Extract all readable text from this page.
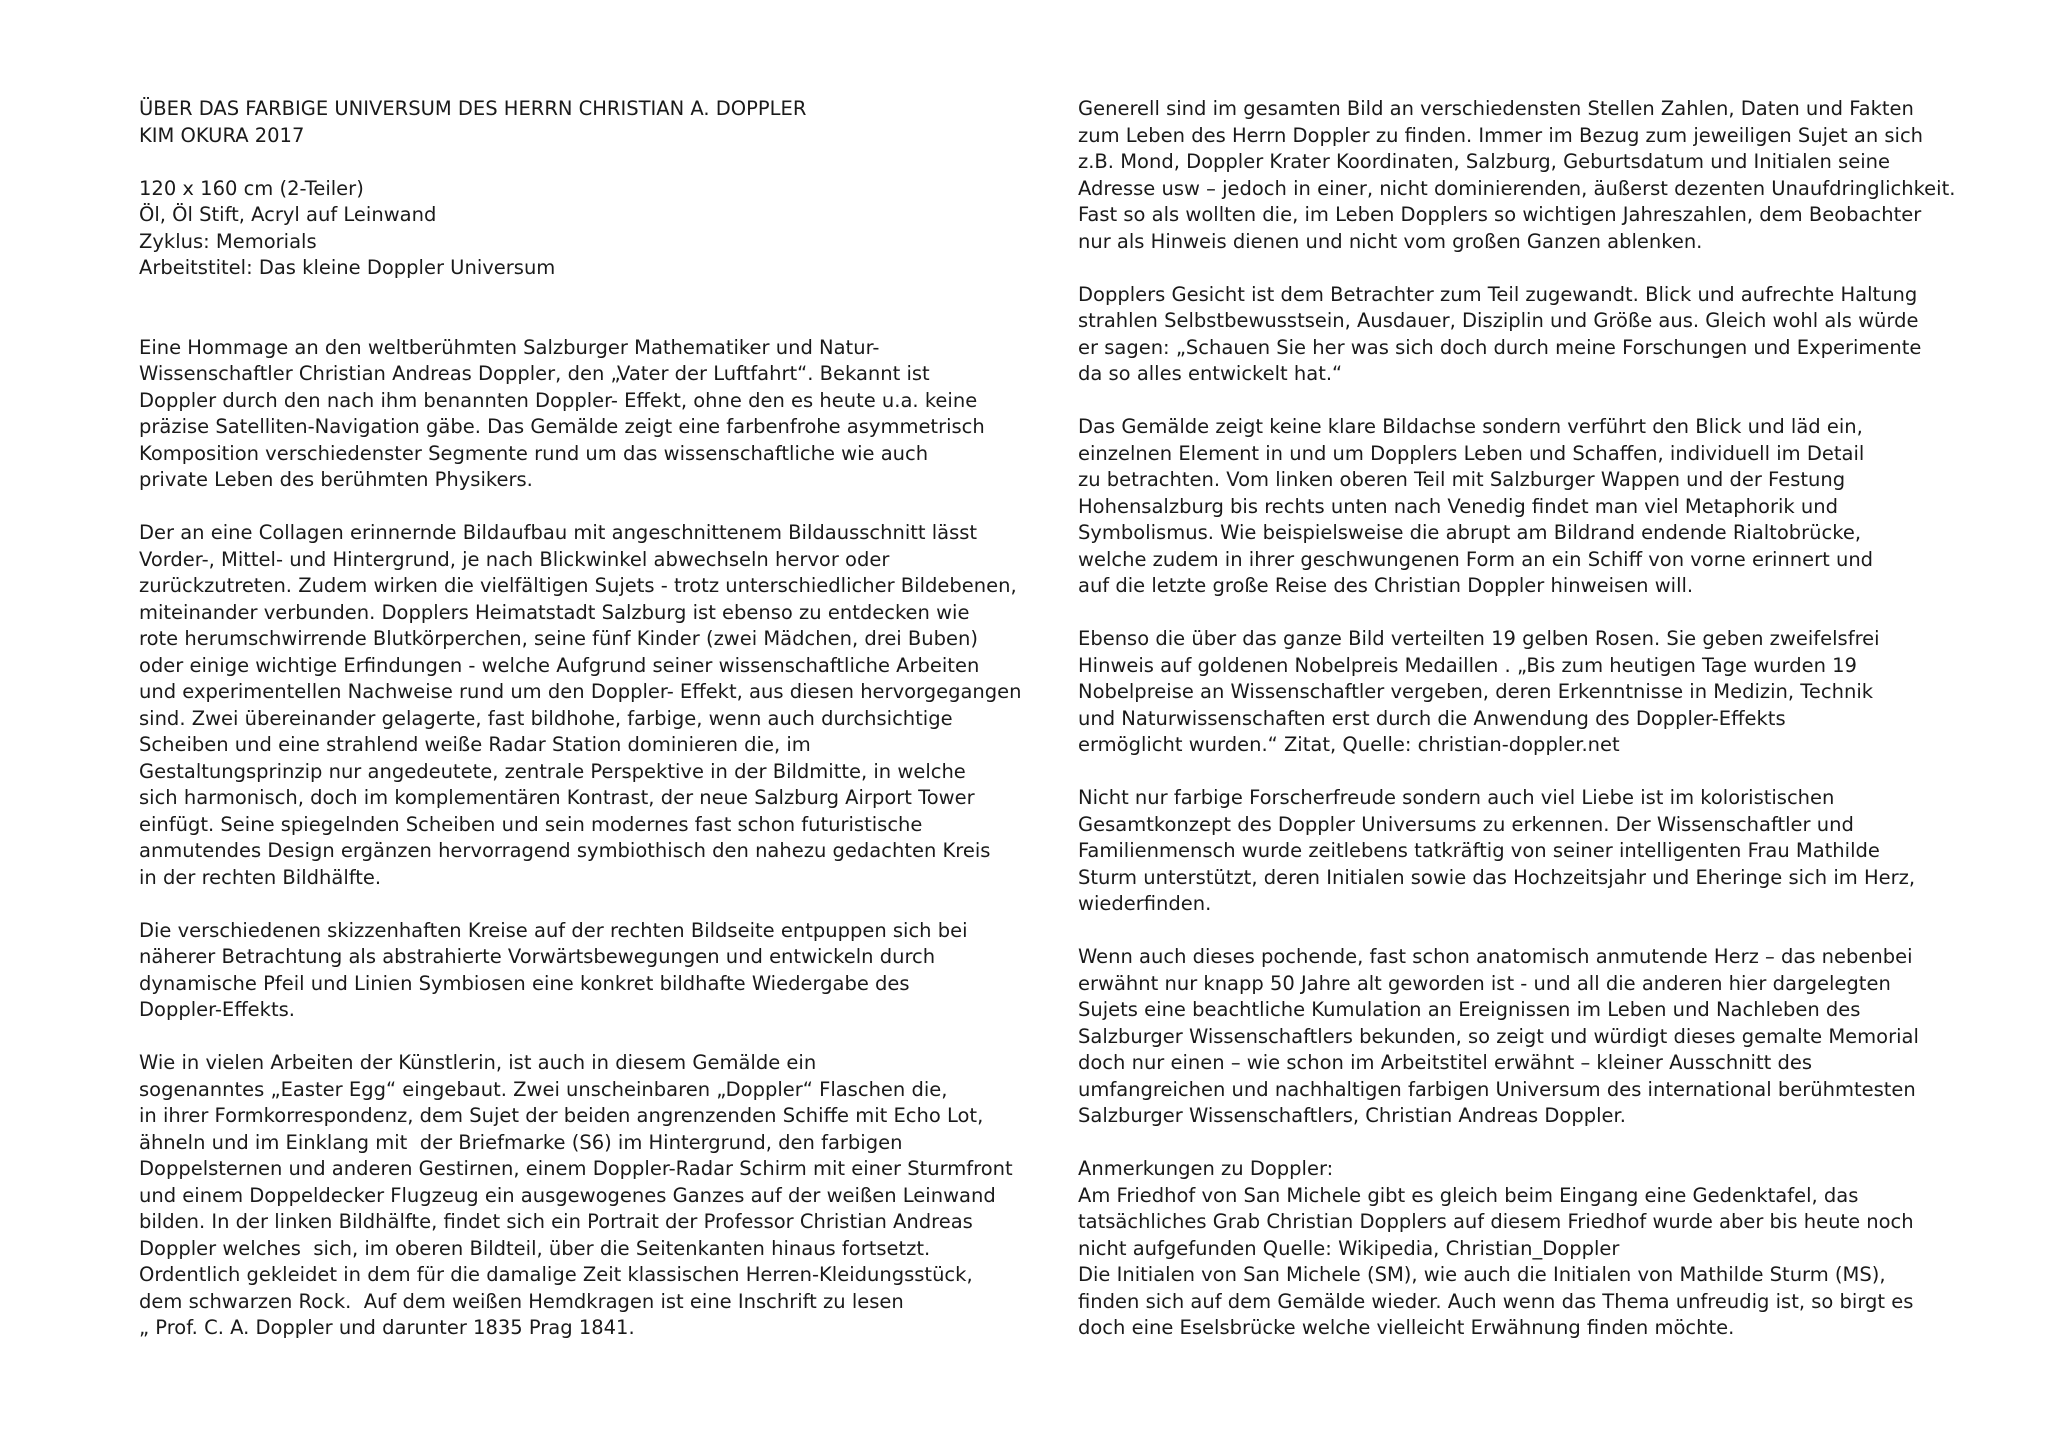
ÜBER DAS FARBIGE UNIVERSUM DES HERRN CHRISTIAN A. DOPPLER
KIM OKURA 2017
120 x 160 cm (2-Teiler)
Öl, Öl Stift, Acryl auf Leinwand
Zyklus: Memorials
Arbeitstitel: Das kleine Doppler Universum
Eine Hommage an den weltberühmten Salzburger Mathematiker und Natur-
Wissenschaftler Christian Andreas Doppler, den „Vater der Luftfahrt“. Bekannt ist
Doppler durch den nach ihm benannten Doppler- Effekt, ohne den es heute u.a. keine
präzise Satelliten-Navigation gäbe. Das Gemälde zeigt eine farbenfrohe asymmetrisch
Komposition verschiedenster Segmente rund um das wissenschaftliche wie auch
private Leben des berühmten Physikers.
Der an eine Collagen erinnernde Bildaufbau mit angeschnittenem Bildausschnitt lässt
Vorder-, Mittel- und Hintergrund, je nach Blickwinkel abwechseln hervor oder
zurückzutreten. Zudem wirken die vielfältigen Sujets - trotz unterschiedlicher Bildebenen,
miteinander verbunden. Dopplers Heimatstadt Salzburg ist ebenso zu entdecken wie
rote herumschwirrende Blutkörperchen, seine fünf Kinder (zwei Mädchen, drei Buben)
oder einige wichtige Erfindungen - welche Aufgrund seiner wissenschaftliche Arbeiten
und experimentellen Nachweise rund um den Doppler- Effekt, aus diesen hervorgegangen
sind. Zwei übereinander gelagerte, fast bildhohe, farbige, wenn auch durchsichtige
Scheiben und eine strahlend weiße Radar Station dominieren die, im
Gestaltungsprinzip nur angedeutete, zentrale Perspektive in der Bildmitte, in welche
sich harmonisch, doch im komplementären Kontrast, der neue Salzburg Airport Tower
einfügt. Seine spiegelnden Scheiben und sein modernes fast schon futuristische
anmutendes Design ergänzen hervorragend symbiothisch den nahezu gedachten Kreis
in der rechten Bildhälfte.
Die verschiedenen skizzenhaften Kreise auf der rechten Bildseite entpuppen sich bei
näherer Betrachtung als abstrahierte Vorwärtsbewegungen und entwickeln durch
dynamische Pfeil und Linien Symbiosen eine konkret bildhafte Wiedergabe des
Doppler-Effekts.
Wie in vielen Arbeiten der Künstlerin, ist auch in diesem Gemälde ein
sogenanntes „Easter Egg“ eingebaut. Zwei unscheinbaren „Doppler“ Flaschen die,
in ihrer Formkorrespondenz, dem Sujet der beiden angrenzenden Schiffe mit Echo Lot,
ähneln und im Einklang mit  der Briefmarke (S6) im Hintergrund, den farbigen
Doppelsternen und anderen Gestirnen, einem Doppler-Radar Schirm mit einer Sturmfront
und einem Doppeldecker Flugzeug ein ausgewogenes Ganzes auf der weißen Leinwand
bilden. In der linken Bildhälfte, findet sich ein Portrait der Professor Christian Andreas
Doppler welches  sich, im oberen Bildteil, über die Seitenkanten hinaus fortsetzt.
Ordentlich gekleidet in dem für die damalige Zeit klassischen Herren-Kleidungsstück,
dem schwarzen Rock.  Auf dem weißen Hemdkragen ist eine Inschrift zu lesen
„ Prof. C. A. Doppler und darunter 1835 Prag 1841.
Generell sind im gesamten Bild an verschiedensten Stellen Zahlen, Daten und Fakten
zum Leben des Herrn Doppler zu finden. Immer im Bezug zum jeweiligen Sujet an sich
z.B. Mond, Doppler Krater Koordinaten, Salzburg, Geburtsdatum und Initialen seine
Adresse usw – jedoch in einer, nicht dominierenden, äußerst dezenten Unaufdringlichkeit.
Fast so als wollten die, im Leben Dopplers so wichtigen Jahreszahlen, dem Beobachter
nur als Hinweis dienen und nicht vom großen Ganzen ablenken.
Dopplers Gesicht ist dem Betrachter zum Teil zugewandt. Blick und aufrechte Haltung
strahlen Selbstbewusstsein, Ausdauer, Disziplin und Größe aus. Gleich wohl als würde
er sagen: „Schauen Sie her was sich doch durch meine Forschungen und Experimente
da so alles entwickelt hat.“
Das Gemälde zeigt keine klare Bildachse sondern verführt den Blick und läd ein,
einzelnen Element in und um Dopplers Leben und Schaffen, individuell im Detail
zu betrachten. Vom linken oberen Teil mit Salzburger Wappen und der Festung
Hohensalzburg bis rechts unten nach Venedig findet man viel Metaphorik und
Symbolismus. Wie beispielsweise die abrupt am Bildrand endende Rialtobrücke,
welche zudem in ihrer geschwungenen Form an ein Schiff von vorne erinnert und
auf die letzte große Reise des Christian Doppler hinweisen will.
Ebenso die über das ganze Bild verteilten 19 gelben Rosen. Sie geben zweifelsfrei
Hinweis auf goldenen Nobelpreis Medaillen . „Bis zum heutigen Tage wurden 19
Nobelpreise an Wissenschaftler vergeben, deren Erkenntnisse in Medizin, Technik
und Naturwissenschaften erst durch die Anwendung des Doppler-Effekts
ermöglicht wurden.“ Zitat, Quelle: christian-doppler.net
Nicht nur farbige Forscherfreude sondern auch viel Liebe ist im koloristischen
Gesamtkonzept des Doppler Universums zu erkennen. Der Wissenschaftler und
Familienmensch wurde zeitlebens tatkräftig von seiner intelligenten Frau Mathilde
Sturm unterstützt, deren Initialen sowie das Hochzeitsjahr und Eheringe sich im Herz,
wiederfinden.
Wenn auch dieses pochende, fast schon anatomisch anmutende Herz – das nebenbei
erwähnt nur knapp 50 Jahre alt geworden ist - und all die anderen hier dargelegten
Sujets eine beachtliche Kumulation an Ereignissen im Leben und Nachleben des
Salzburger Wissenschaftlers bekunden, so zeigt und würdigt dieses gemalte Memorial
doch nur einen – wie schon im Arbeitstitel erwähnt – kleiner Ausschnitt des
umfangreichen und nachhaltigen farbigen Universum des international berühmtesten
Salzburger Wissenschaftlers, Christian Andreas Doppler.
Anmerkungen zu Doppler:
Am Friedhof von San Michele gibt es gleich beim Eingang eine Gedenktafel, das
tatsächliches Grab Christian Dopplers auf diesem Friedhof wurde aber bis heute noch
nicht aufgefunden Quelle: Wikipedia, Christian_Doppler
Die Initialen von San Michele (SM), wie auch die Initialen von Mathilde Sturm (MS),
finden sich auf dem Gemälde wieder. Auch wenn das Thema unfreudig ist, so birgt es
doch eine Eselsbrücke welche vielleicht Erwähnung finden möchte.
